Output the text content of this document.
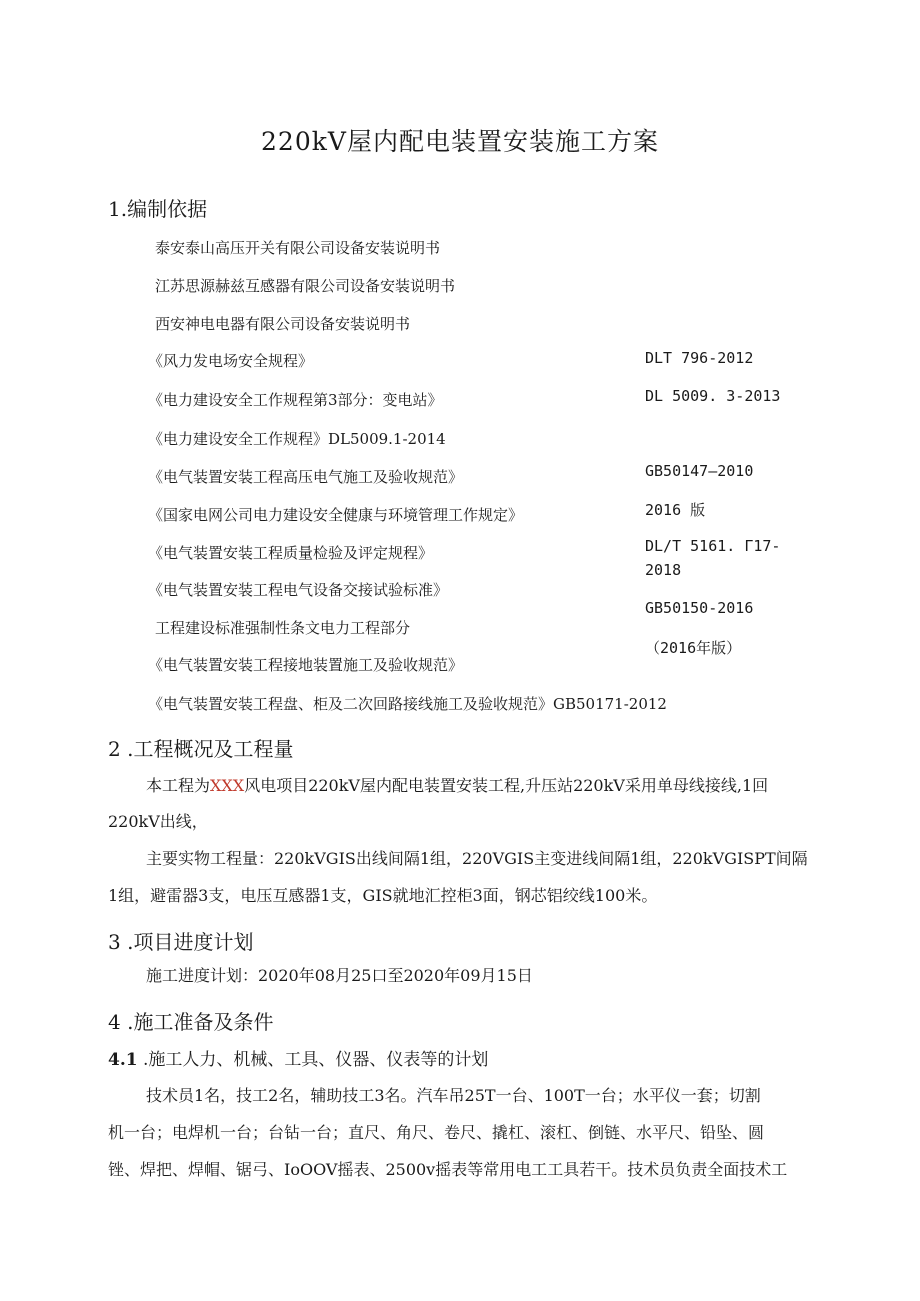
220kV屋内配电装置安装施工方案
1.编制依据
泰安泰山高压开关有限公司设备安装说明书
江苏思源赫兹互感器有限公司设备安装说明书
西安神电电器有限公司设备安装说明书
《风力发电场安全规程》
《电力建设安全工作规程第3部分：变电站》
《电力建设安全工作规程》DL5009.1-2014
《电气装置安装工程高压电气施工及验收规范》
《国家电网公司电力建设安全健康与环境管理工作规定》
《电气装置安装工程质量检验及评定规程》
《电气装置安装工程电气设备交接试验标准》
工程建设标准强制性条文电力工程部分
《电气装置安装工程接地装置施工及验收规范》
《电气装置安装工程盘、柜及二次回路接线施工及验收规范》GB50171-2012
DLT 796-2012
DL 5009. 3-2013
GB50147—2010
2016 版
DL/T 5161. Γ17-
2018
GB50150-2016
（2016年版）
2 .工程概况及工程量
本工程为XXX风电项目220kV屋内配电装置安装工程,升压站220kV采用单母线接线,1回
220kV出线，
主要实物工程量：220kVGIS出线间隔1组，220VGIS主变进线间隔1组，220kVGISPT间隔
1组，避雷器3支，电压互感器1支，GIS就地汇控柜3面，钢芯铝绞线100米。
3 .项目进度计划
施工进度计划：2020年08月25口至2020年09月15日
4 .施工准备及条件
4.1 .施工人力、机械、工具、仪器、仪表等的计划
技术员1名，技工2名，辅助技工3名。汽车吊25T一台、100T一台；水平仪一套；切割
机一台；电焊机一台；台钻一台；直尺、角尺、卷尺、撬杠、滚杠、倒链、水平尺、铅坠、圆
锉、焊把、焊帽、锯弓、IoOOV摇表、2500v摇表等常用电工工具若干。技术员负责全面技术工
